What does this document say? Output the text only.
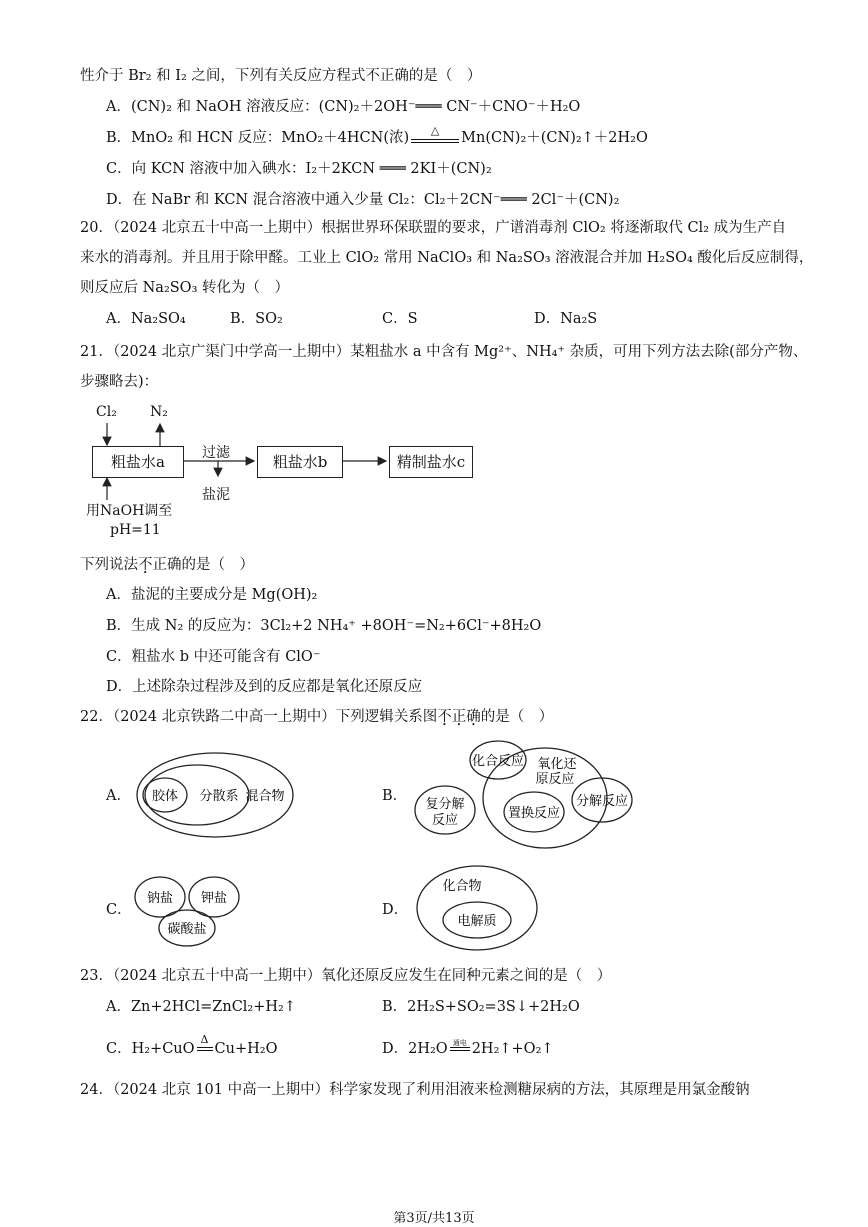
性介于 Br₂ 和 I₂ 之间，下列有关反应方程式不正确的是（　）
A．(CN)₂ 和 NaOH 溶液反应：(CN)₂＋2OH⁻═══ CN⁻＋CNO⁻＋H₂O
B．MnO₂ 和 HCN 反应：MnO₂＋4HCN(浓)	△	Mn(CN)₂＋(CN)₂↑＋2H₂O
C．向 KCN 溶液中加入碘水：I₂＋2KCN ═══ 2KI＋(CN)₂
D．在 NaBr 和 KCN 混合溶液中通入少量 Cl₂：Cl₂＋2CN⁻═══ 2Cl⁻＋(CN)₂
20．（2024 北京五十中高一上期中）根据世界环保联盟的要求，广谱消毒剂 ClO₂ 将逐渐取代 Cl₂ 成为生产自
来水的消毒剂。并且用于除甲醛。工业上 ClO₂ 常用 NaClO₃ 和 Na₂SO₃ 溶液混合并加 H₂SO₄ 酸化后反应制得，
则反应后 Na₂SO₃ 转化为（　）
A．Na₂SO₄	B．SO₂	C．S	D．Na₂S
21．（2024 北京广渠门中学高一上期中）某粗盐水 a 中含有 Mg²⁺、NH₄⁺ 杂质，可用下列方法去除(部分产物、
步骤略去)：
Cl₂ N₂
粗盐水a	过滤
盐泥
粗盐水b	精制盐水c
用NaOH调至
pH=11
下列说法不正确的是（　）
A．盐泥的主要成分是 Mg(OH)₂
B．生成 N₂ 的反应为：3Cl₂+2 NH₄⁺ +8OH⁻=N₂+6Cl⁻+8H₂O
C．粗盐水 b 中还可能含有 ClO⁻
D．上述除杂过程涉及到的反应都是氧化还原反应
22．（2024 北京铁路二中高一上期中）下列逻辑关系图不正确的是（　）
A． 胶体 分散系 混合物	B．
化合反应 氧化还
原反应
复分解
反应	置换反应
分解反应
C．
钠盐 钾盐
碳酸盐
D．
化合物
电解质
23．（2024 北京五十中高一上期中）氧化还原反应发生在同种元素之间的是（　）
A．Zn+2HCl=ZnCl₂+H₂↑	B．2H₂S+SO₂=3S↓+2H₂O
C．H₂+CuO
Δ
Cu+H₂O	D．2H₂O 通电 2H₂↑+O₂↑
24．（2024 北京 101 中高一上期中）科学家发现了利用泪液来检测糖尿病的方法，其原理是用氯金酸钠
第3页/共13页
